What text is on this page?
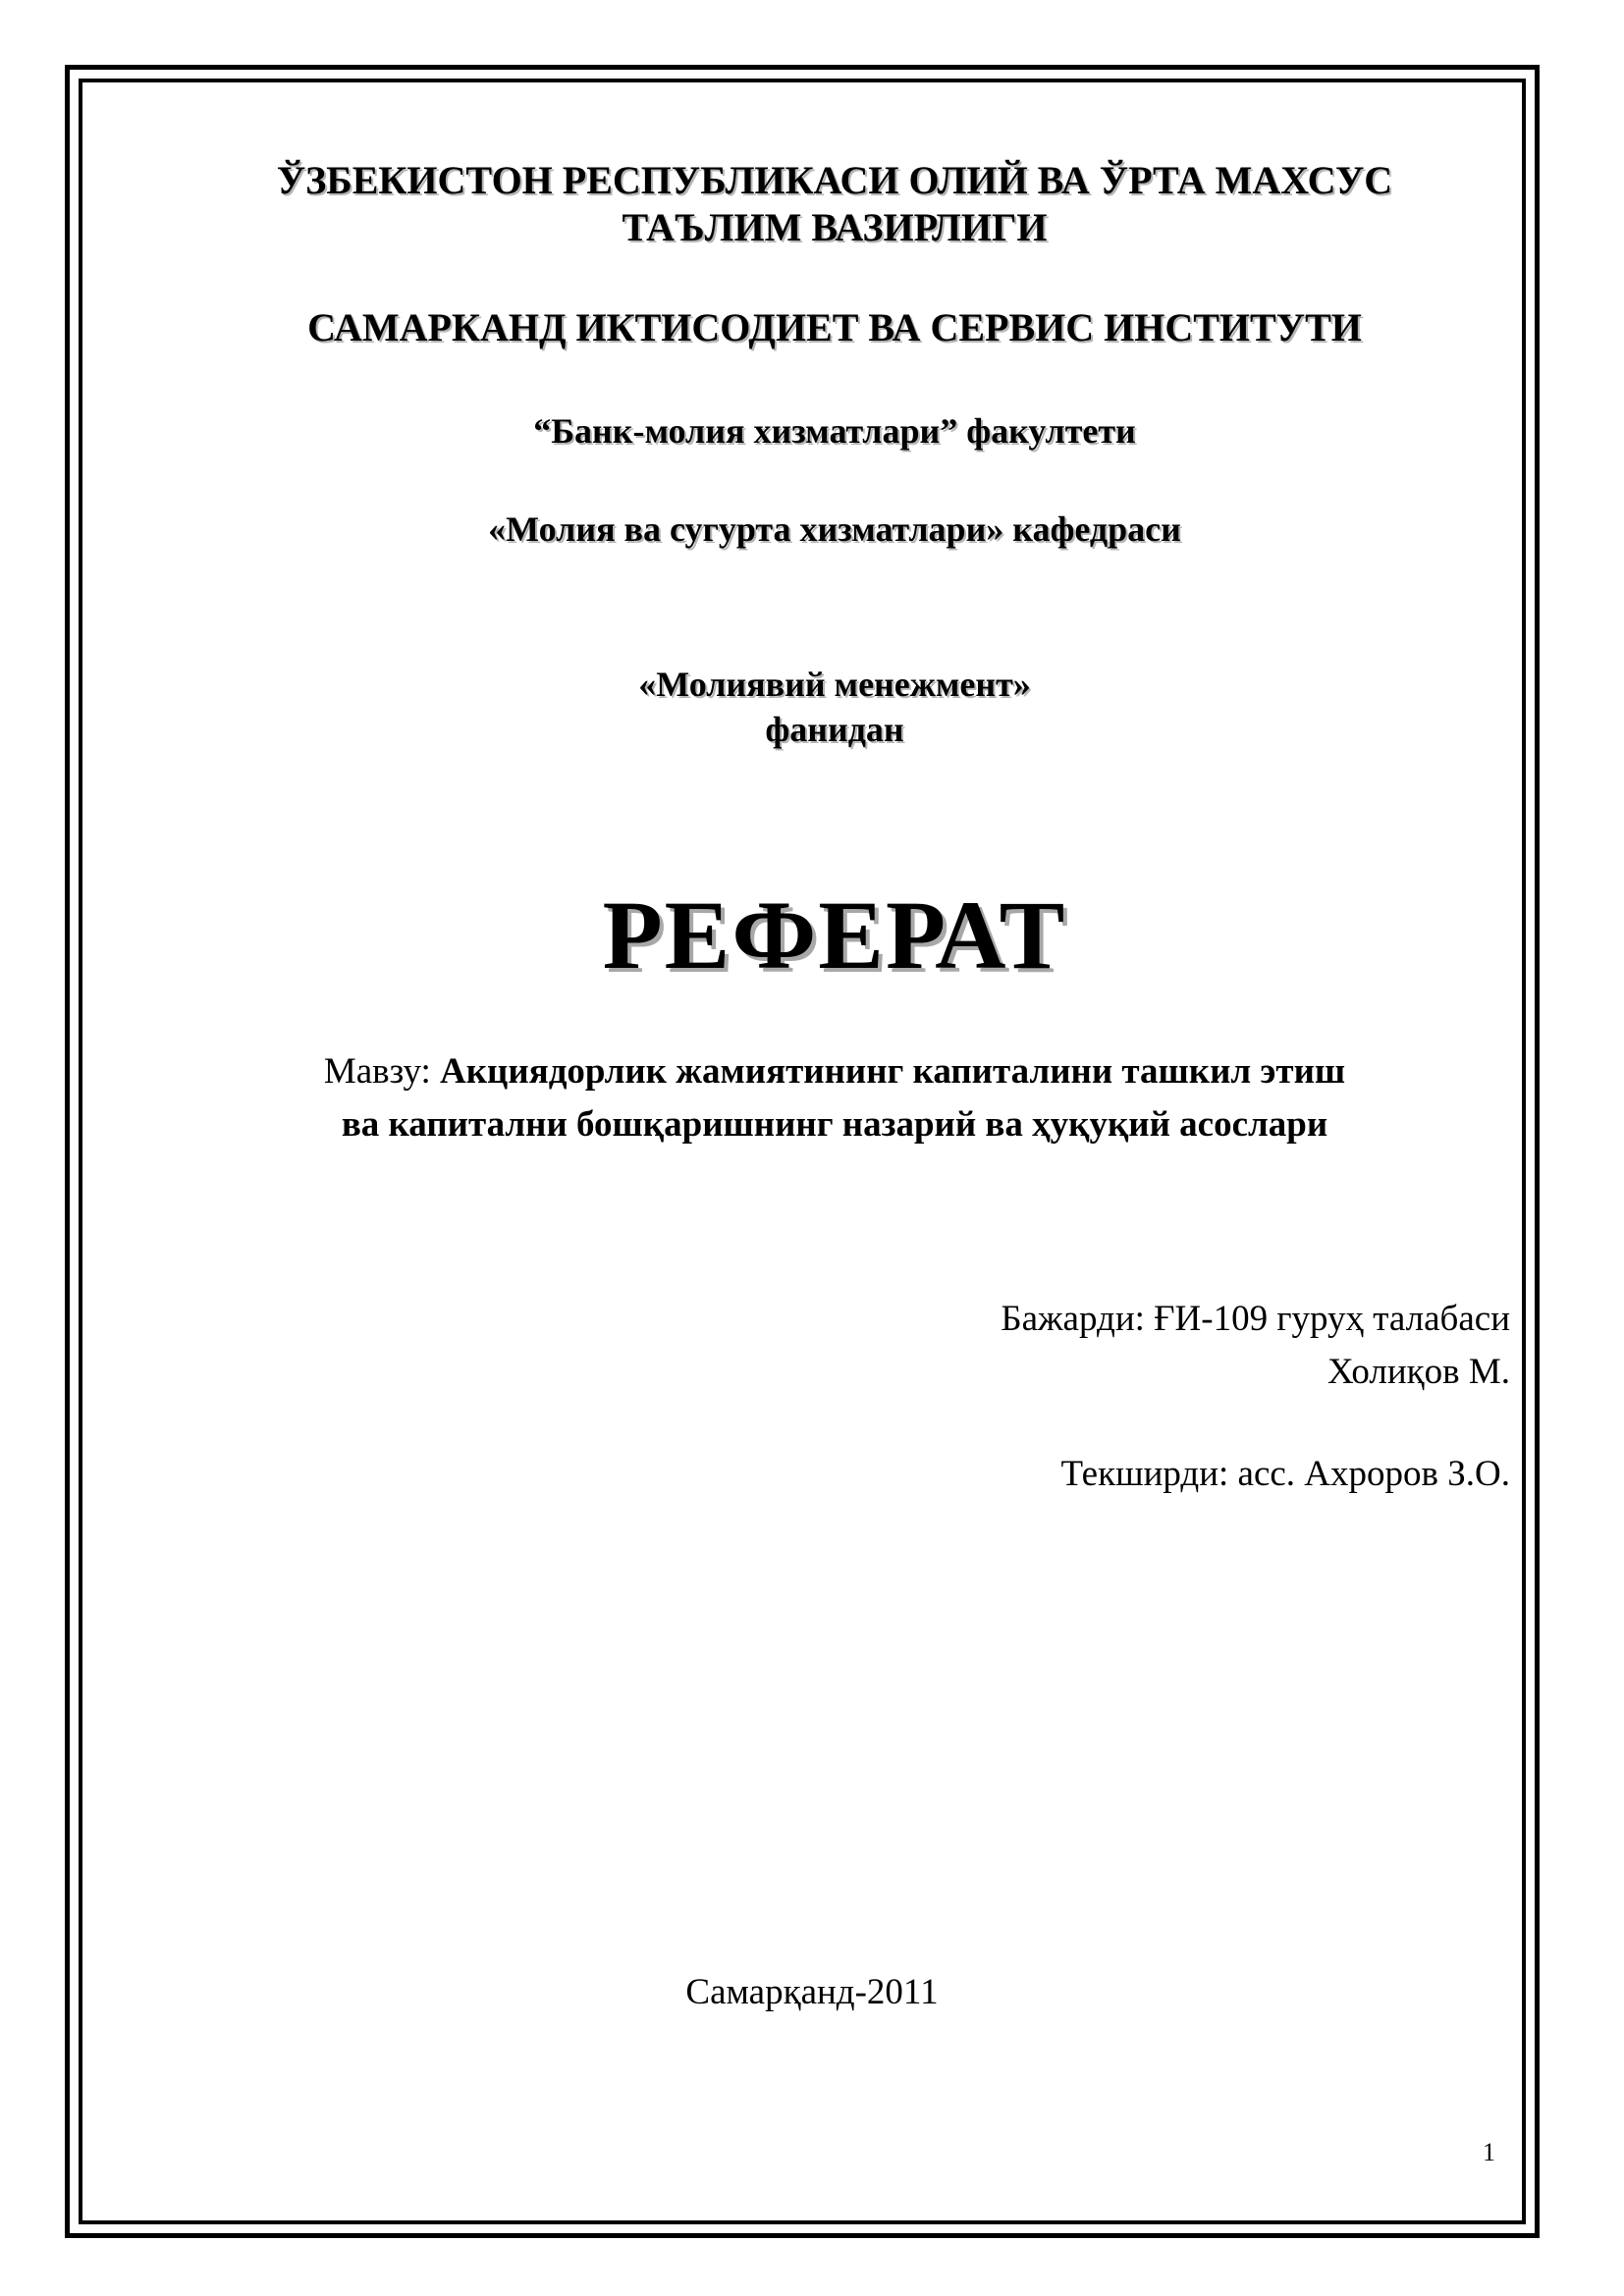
ЎЗБЕКИСТОН РЕСПУБЛИКАСИ ОЛИЙ ВА ЎРТА МАХСУС
ТАЪЛИМ ВАЗИРЛИГИ
САМАРКАНД ИКТИСОДИЕТ ВА СЕРВИС ИНСТИТУТИ
“Банк-молия хизматлари” факултети
«Молия ва сугурта хизматлари» кафедраси
«Молиявий менежмент»
фанидан
РЕФЕРАТ
Мавзу: Акциядорлик жамиятининг капиталини ташкил этиш
ва капитални бошқаришнинг назарий ва ҳуқуқий асослари
Бажарди: ҒИ-109 гуруҳ талабаси
Холиқов М.
Текширди: асс. Ахроров З.О.
Самарқанд-2011
1
